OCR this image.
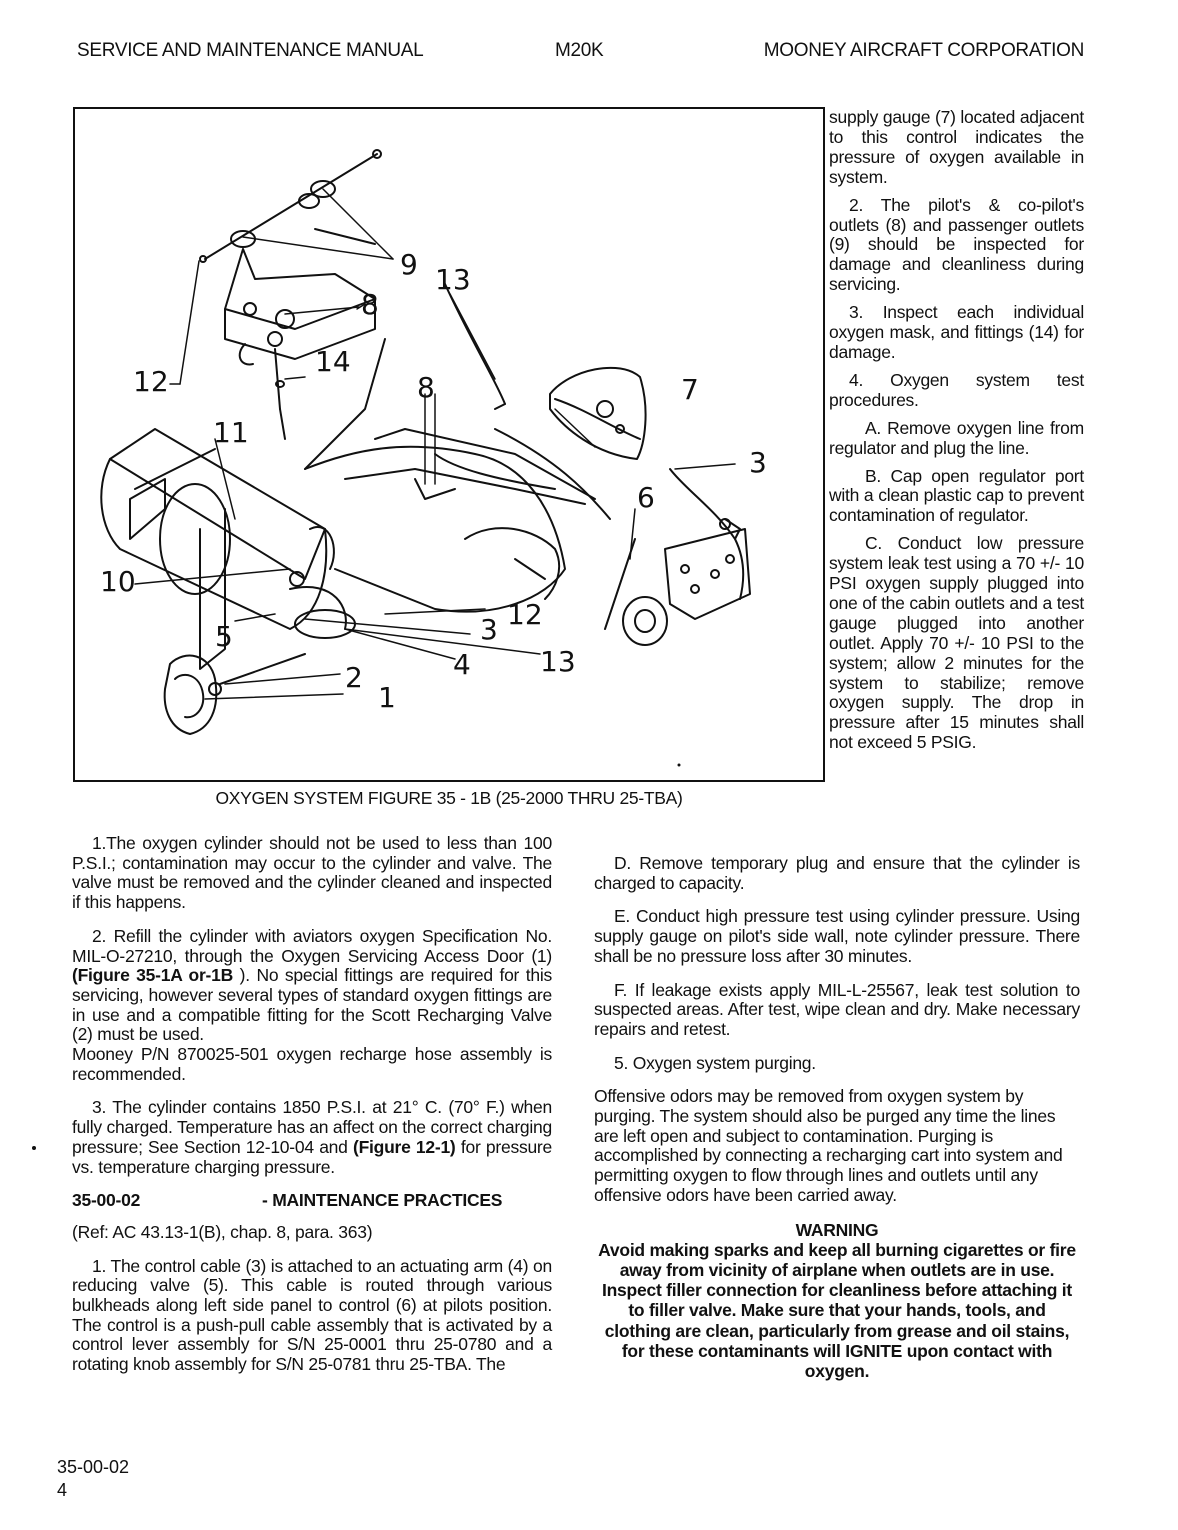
SERVICE AND MAINTENANCE MANUAL	M20K	MOONEY AIRCRAFT CORPORATION
9 13
8
14
12	8	7
11
3
6
10
12
3
5
13
4
2
1
OXYGEN SYSTEM FIGURE 35 - 1B (25-2000 THRU 25-TBA)

supply gauge (7) located adjacent to this control indicates the pressure of oxygen available in system.

2. The pilot's & co-pilot's outlets (8) and passenger outlets (9) should be inspected for damage and cleanliness during servicing.

3. Inspect each individual oxygen mask, and fittings (14) for damage.

4. Oxygen system test procedures.

A. Remove oxygen line from regulator and plug the line.

B. Cap open regulator port with a clean plastic cap to prevent contamination of regulator.

C. Conduct low pressure system leak test using a 70 +/- 10 PSI oxygen supply plugged into one of the cabin outlets and a test gauge plugged into another outlet. Apply 70 +/- 10 PSI to the system; allow 2 minutes for the system to stabilize; remove oxygen supply. The drop in pressure after 15 minutes shall not exceed 5 PSIG.

1.The oxygen cylinder should not be used to less than 100 P.S.I.; contamination may occur to the cylinder and valve. The valve must be removed and the cylinder cleaned and inspected if this happens.

2. Refill the cylinder with aviators oxygen Specification No. MIL-O-27210, through the Oxygen Servicing Access Door (1) (Figure 35-1A or-1B ). No special fittings are required for this servicing, however several types of standard oxygen fittings are in use and a compatible fitting for the Scott Recharging Valve (2) must be used.

Mooney P/N 870025-501 oxygen recharge hose assembly is recommended.

3. The cylinder contains 1850 P.S.I. at 21° C. (70° F.) when fully charged. Temperature has an affect on the correct charging pressure; See Section 12-10-04 and (Figure 12-1) for pressure vs. temperature charging pressure.

35-00-02	- MAINTENANCE PRACTICES

(Ref: AC 43.13-1(B), chap. 8, para. 363)

1. The control cable (3) is attached to an actuating arm (4) on reducing valve (5). This cable is routed through various bulkheads along left side panel to control (6) at pilots position. The control is a push-pull cable assembly that is activated by a control lever assembly for S/N 25-0001 thru 25-0780 and a rotating knob assembly for S/N 25-0781 thru 25-TBA. The

D. Remove temporary plug and ensure that the cylinder is charged to capacity.

E. Conduct high pressure test using cylinder pressure. Using supply gauge on pilot's side wall, note cylinder pressure. There shall be no pressure loss after 30 minutes.

F. If leakage exists apply MIL-L-25567, leak test solution to suspected areas. After test, wipe clean and dry. Make necessary repairs and retest.

5. Oxygen system purging.

Offensive odors may be removed from oxygen system by purging. The system should also be purged any time the lines are left open and subject to contamination. Purging is accomplished by connecting a recharging cart into system and permitting oxygen to flow through lines and outlets until any offensive odors have been carried away.

WARNING

Avoid making sparks and keep all burning cigarettes or fire away from vicinity of airplane when outlets are in use. Inspect filler connection for cleanliness before attaching it to filler valve. Make sure that your hands, tools, and clothing are clean, particularly from grease and oil stains, for these contaminants will IGNITE upon contact with oxygen.

35-00-02
4
